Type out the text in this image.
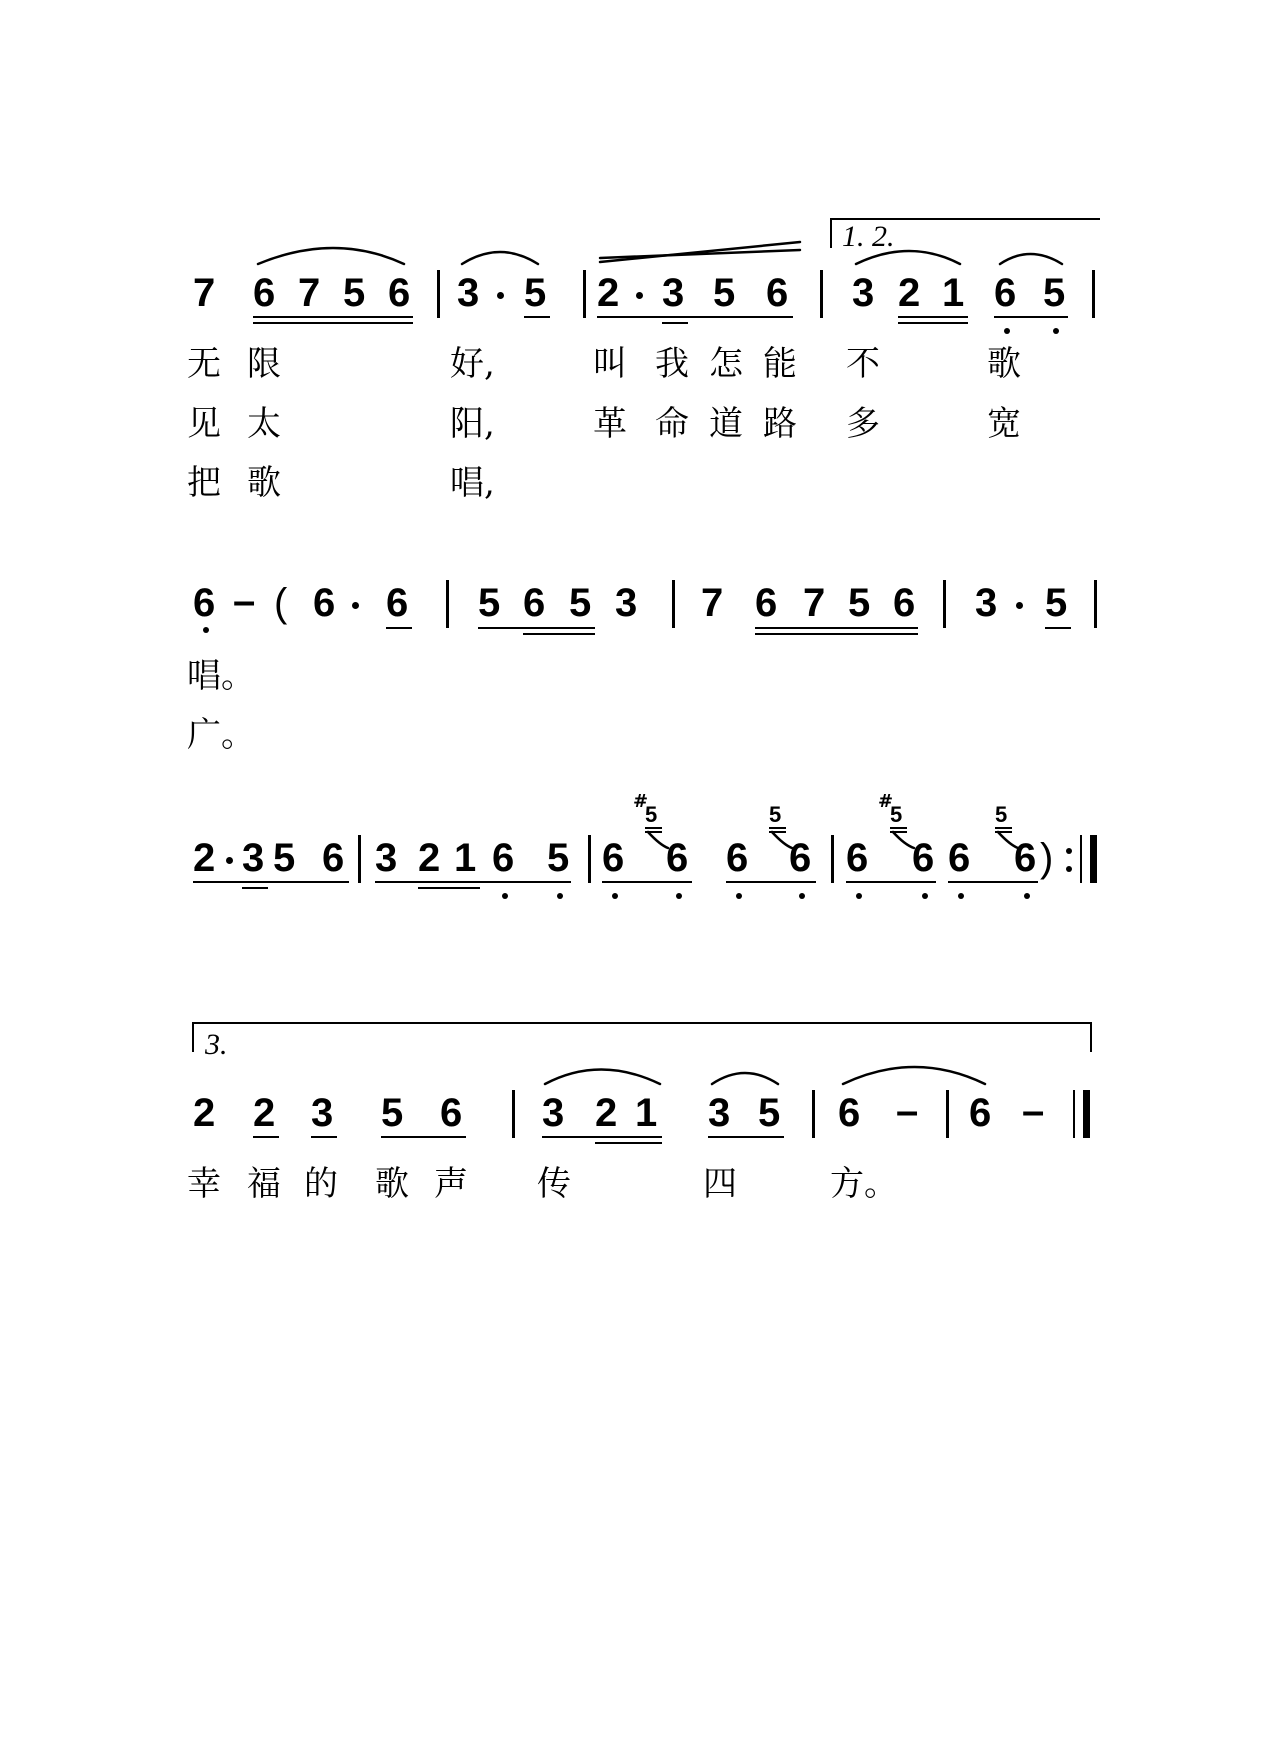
1. 2.
7 6 7 5 6 3 5 2 3 5 6 3 2 1 6 5
无 限	好,	叫 我 怎 能 不	歌
见 太	阳,	革 命 道 路 多	宽
把 歌	唱,
6 – ( 6 6 5 6 5 3 7 6 7 5 6 3 5
唱。
广。
2 3 5 6 3 2 1 6 5
#
5	5
6 6 6 6
#
5	5
6 6 6 6 )
3.
2 2 3 5 6 3 2 1 3 5 6 – 6 –
幸 福 的 歌 声 传	四	方。
